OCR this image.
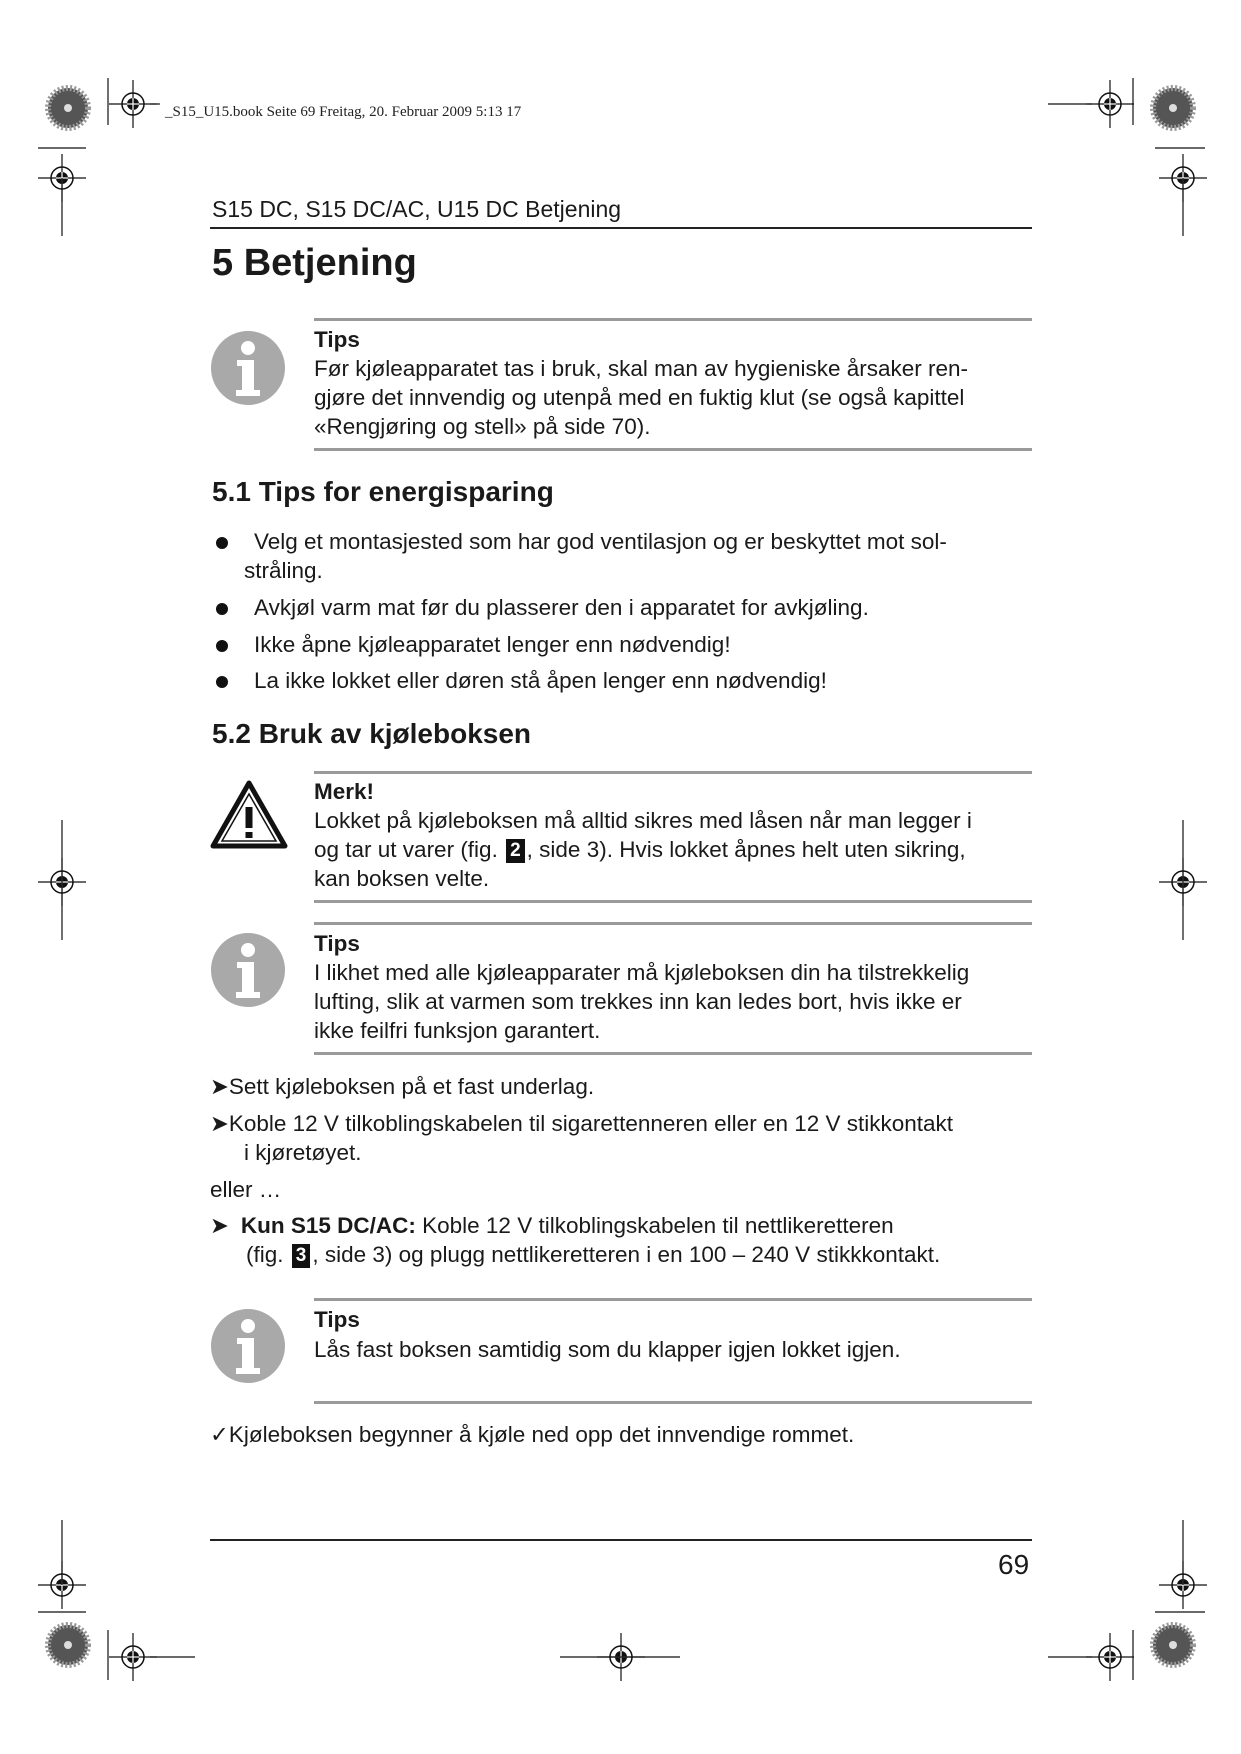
_S15_U15.book Seite 69 Freitag, 20. Februar 2009 5:13 17
S15 DC, S15 DC/AC, U15 DC Betjening
5 Betjening
Tips
Før kjøleapparatet tas i bruk, skal man av hygieniske årsaker ren-
gjøre det innvendig og utenpå med en fuktig klut (se også kapittel
«Rengjøring og stell» på side 70).
5.1 Tips for energisparing
Velg et montasjested som har god ventilasjon og er beskyttet mot sol-
stråling.
Avkjøl varm mat før du plasserer den i apparatet for avkjøling.
Ikke åpne kjøleapparatet lenger enn nødvendig!
La ikke lokket eller døren stå åpen lenger enn nødvendig!
5.2 Bruk av kjøleboksen
Merk!
Lokket på kjøleboksen må alltid sikres med låsen når man legger i
og tar ut varer (fig. 2 , side 3). Hvis lokket åpnes helt uten sikring,
kan boksen velte.
Tips
I likhet med alle kjøleapparater må kjøleboksen din ha tilstrekkelig
lufting, slik at varmen som trekkes inn kan ledes bort, hvis ikke er
ikke feilfri funksjon garantert.
➤Sett kjøleboksen på et fast underlag.
➤Koble 12 V tilkoblingskabelen til sigarettenneren eller en 12 V stikkontakt
i kjøretøyet.
eller …
➤ Kun S15 DC/AC: Koble 12 V tilkoblingskabelen til nettlikeretteren
(fig. 3 , side 3) og plugg nettlikeretteren i en 100 – 240 V stikkkontakt.
Tips
Lås fast boksen samtidig som du klapper igjen lokket igjen.
✓Kjøleboksen begynner å kjøle ned opp det innvendige rommet.
69
